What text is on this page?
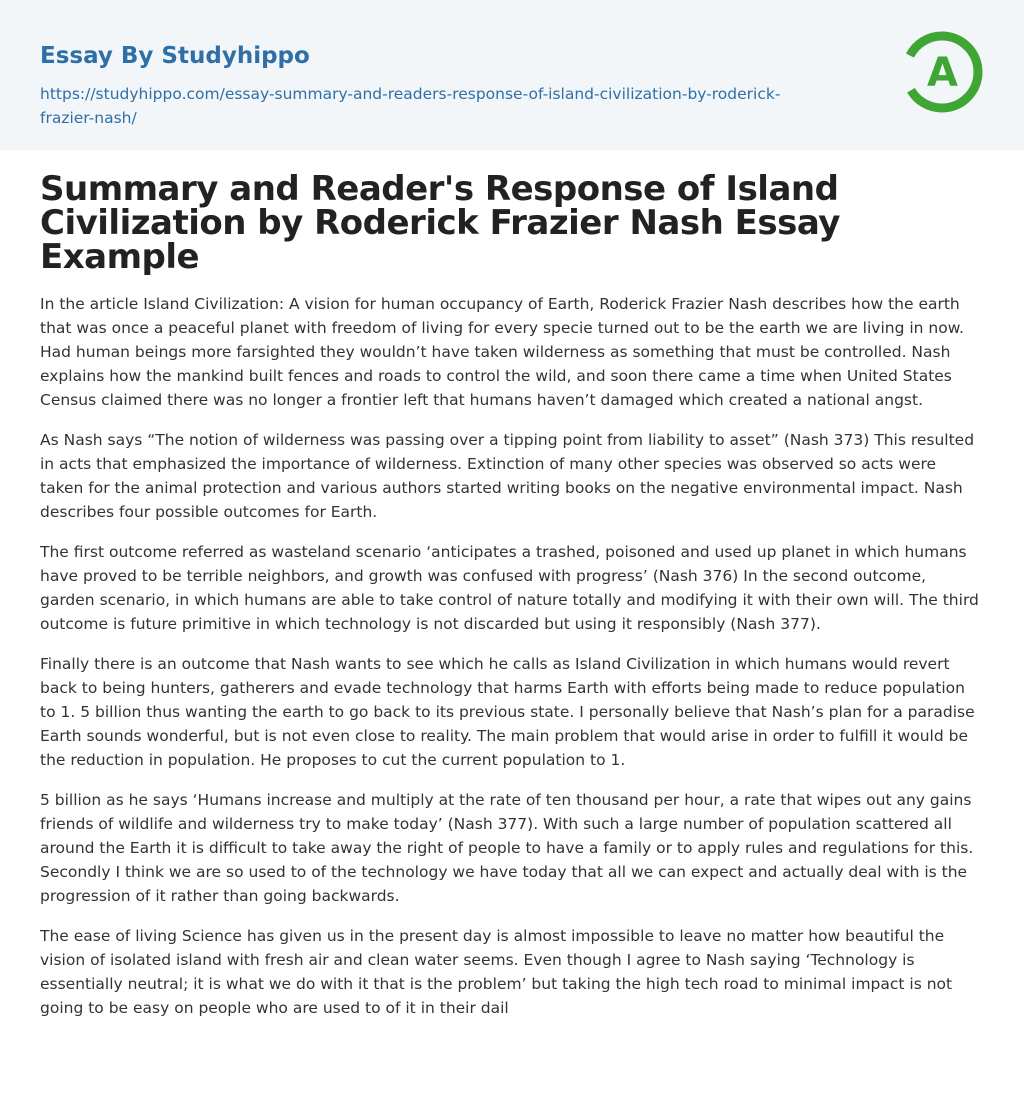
Essay By Studyhippo
https://studyhippo.com/essay-summary-and-readers-response-of-island-civilization-by-roderick-frazier-nash/
A
Summary and Reader's Response of Island Civilization by Roderick Frazier Nash Essay Example

In the article Island Civilization: A vision for human occupancy of Earth, Roderick Frazier Nash describes how the earth that was once a peaceful planet with freedom of living for every specie turned out to be the earth we are living in now. Had human beings more farsighted they wouldn’t have taken wilderness as something that must be controlled. Nash explains how the mankind built fences and roads to control the wild, and soon there came a time when United States Census claimed there was no longer a frontier left that humans haven’t damaged which created a national angst.

As Nash says “The notion of wilderness was passing over a tipping point from liability to asset” (Nash 373) This resulted in acts that emphasized the importance of wilderness. Extinction of many other species was observed so acts were taken for the animal protection and various authors started writing books on the negative environmental impact. Nash describes four possible outcomes for Earth.

The first outcome referred as wasteland scenario ‘anticipates a trashed, poisoned and used up planet in which humans have proved to be terrible neighbors, and growth was confused with progress’ (Nash 376) In the second outcome, garden scenario, in which humans are able to take control of nature totally and modifying it with their own will. The third outcome is future primitive in which technology is not discarded but using it responsibly (Nash 377).

Finally there is an outcome that Nash wants to see which he calls as Island Civilization in which humans would revert back to being hunters, gatherers and evade technology that harms Earth with efforts being made to reduce population to 1. 5 billion thus wanting the earth to go back to its previous state. I personally believe that Nash’s plan for a paradise Earth sounds wonderful, but is not even close to reality. The main problem that would arise in order to fulfill it would be the reduction in population. He proposes to cut the current population to 1.

5 billion as he says ‘Humans increase and multiply at the rate of ten thousand per hour, a rate that wipes out any gains friends of wildlife and wilderness try to make today’ (Nash 377). With such a large number of population scattered all around the Earth it is difficult to take away the right of people to have a family or to apply rules and regulations for this. Secondly I think we are so used to of the technology we have today that all we can expect and actually deal with is the progression of it rather than going backwards.

The ease of living Science has given us in the present day is almost impossible to leave no matter how beautiful the vision of isolated island with fresh air and clean water seems. Even though I agree to Nash saying ‘Technology is essentially neutral; it is what we do with it that is the problem’ but taking the high tech road to minimal impact is not going to be easy on people who are used to of it in their dail
